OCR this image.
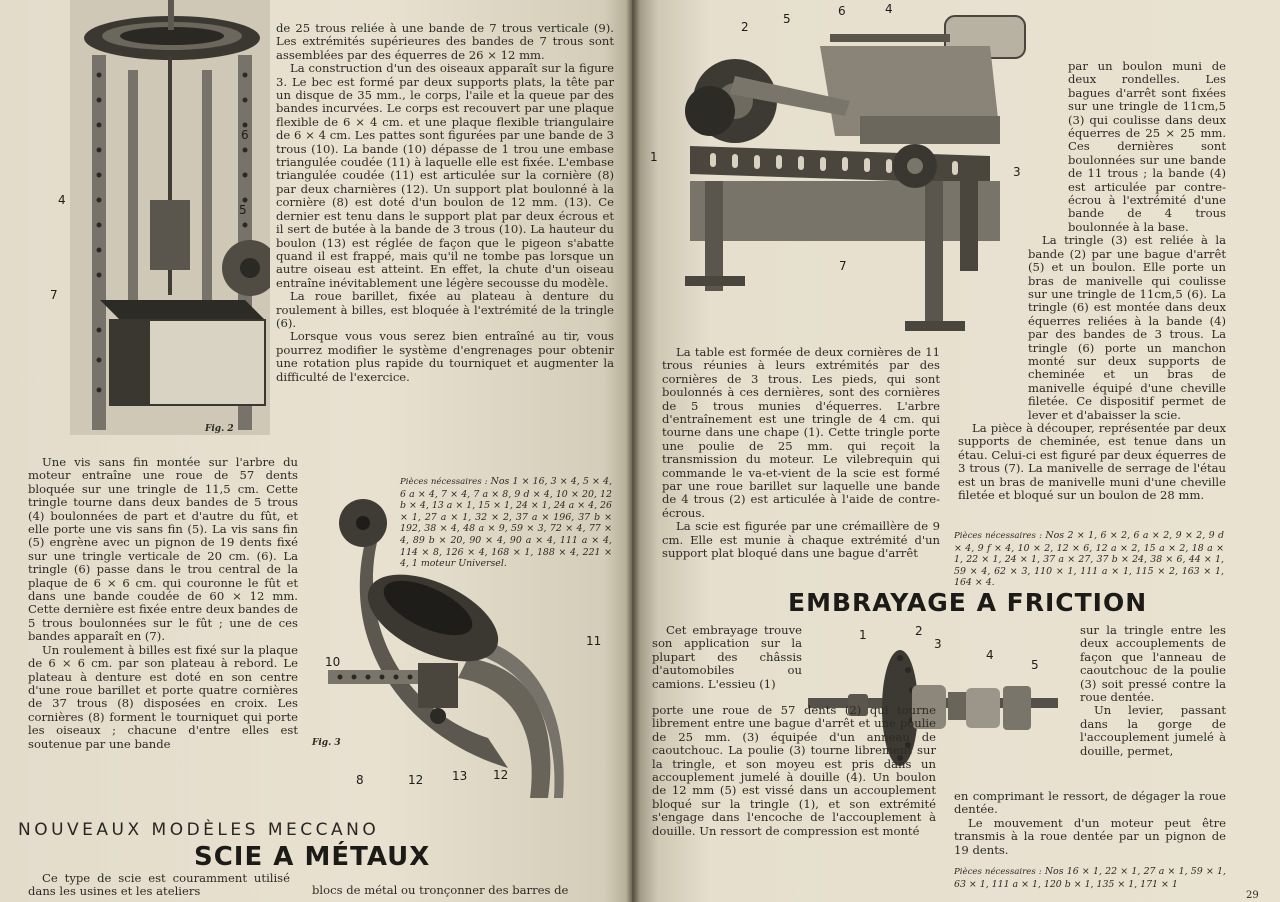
Fig. 2
6
4
5
7

de 25 trous reliée à une bande de 7 trous verticale (9). Les extrémités supérieures des bandes de 7 trous sont assemblées par des équerres de 26 × 12 mm.

La construction d'un des oiseaux apparaît sur la figure 3. Le bec est formé par deux supports plats, la tête par un disque de 35 mm., le corps, l'aile et la queue par des bandes incurvées. Le corps est recouvert par une plaque flexible de 6 × 4 cm. et une plaque flexible triangulaire de 6 × 4 cm. Les pattes sont figurées par une bande de 3 trous (10). La bande (10) dépasse de 1 trou une embase triangulée coudée (11) à laquelle elle est fixée. L'embase triangulée coudée (11) est articulée sur la cornière (8) par deux charnières (12). Un support plat boulonné à la cornière (8) est doté d'un boulon de 12 mm. (13). Ce dernier est tenu dans le support plat par deux écrous et il sert de butée à la bande de 3 trous (10). La hauteur du boulon (13) est réglée de façon que le pigeon s'abatte quand il est frappé, mais qu'il ne tombe pas lorsque un autre oiseau est atteint. En effet, la chute d'un oiseau entraîne inévitablement une légère secousse du modèle.

La roue barillet, fixée au plateau à denture du roulement à billes, est bloquée à l'extrémité de la tringle (6).

Lorsque vous vous serez bien entraîné au tir, vous pourrez modifier le système d'engrenages pour obtenir une rotation plus rapide du tourniquet et augmenter la difficulté de l'exercice.

Une vis sans fin montée sur l'arbre du moteur entraîne une roue de 57 dents bloquée sur une tringle de 11,5 cm. Cette tringle tourne dans deux bandes de 5 trous (4) boulonnées de part et d'autre du fût, et elle porte une vis sans fin (5). La vis sans fin (5) engrène avec un pignon de 19 dents fixé sur une tringle verticale de 20 cm. (6). La tringle (6) passe dans le trou central de la plaque de 6 × 6 cm. qui couronne le fût et dans une bande coudée de 60 × 12 mm. Cette dernière est fixée entre deux bandes de 5 trous boulonnées sur le fût ; une de ces bandes apparaît en (7).

Un roulement à billes est fixé sur la plaque de 6 × 6 cm. par son plateau à rebord. Le plateau à denture est doté en son centre d'une roue barillet et porte quatre cornières de 37 trous (8) disposées en croix. Les cornières (8) forment le tourniquet qui porte les oiseaux ; chacune d'entre elles est soutenue par une bande

Pièces nécessaires : Nos 1 × 16, 3 × 4, 5 × 4, 6 a × 4, 7 × 4, 7 a × 8, 9 d × 4, 10 × 20, 12 b × 4, 13 a × 1, 15 × 1, 24 × 1, 24 a × 4, 26 × 1, 27 a × 1, 32 × 2, 37 a × 196, 37 b × 192, 38 × 4, 48 a × 9, 59 × 3, 72 × 4, 77 × 4, 89 b × 20, 90 × 4, 90 a × 4, 111 a × 4, 114 × 8, 126 × 4, 168 × 1, 188 × 4, 221 × 4, 1 moteur Universel.
Fig. 3
11
10
8	12 13 12
NOUVEAUX MODÈLES MECCANO
SCIE A MÉTAUX

Ce type de scie est couramment utilisé dans les usines et les ateliers	blocs de métal ou tronçonner des barres de

2
5
6	4
1
3
7

par un boulon muni de deux rondelles. Les bagues d'arrêt sont fixées sur une tringle de 11cm,5 (3) qui coulisse dans deux équerres de 25 × 25 mm. Ces dernières sont boulonnées sur une bande de 11 trous ; la bande (4) est articulée par contre-écrou à l'extrémité d'une bande de 4 trous boulonnée à la base.

La tringle (3) est reliée à la bande (2) par une bague d'arrêt (5) et un boulon. Elle porte un bras de manivelle qui coulisse sur une tringle de 11cm,5 (6). La tringle (6) est montée dans deux équerres reliées à la bande (4) par des bandes de 3 trous. La tringle (6) porte un manchon monté sur deux supports de cheminée et un bras de manivelle équipé d'une cheville filetée. Ce dispositif permet de lever et d'abaisser la scie.

La pièce à découper, représentée par deux supports de cheminée, est tenue dans un étau. Celui-ci est figuré par deux équerres de 3 trous (7). La manivelle de serrage de l'étau est un bras de manivelle muni d'une cheville filetée et bloqué sur un boulon de 28 mm.

La table est formée de deux cornières de 11 trous réunies à leurs extrémités par des cornières de 3 trous. Les pieds, qui sont boulonnés à ces dernières, sont des cornières de 5 trous munies d'équerres. L'arbre d'entraînement est une tringle de 4 cm. qui tourne dans une chape (1). Cette tringle porte une poulie de 25 mm. qui reçoit la transmission du moteur. Le vilebrequin qui commande le va-et-vient de la scie est formé par une roue barillet sur laquelle une bande de 4 trous (2) est articulée à l'aide de contre-écrous.

La scie est figurée par une crémaillère de 9 cm. Elle est munie à chaque extrémité d'un support plat bloqué dans une bague d'arrêt

Pièces nécessaires : Nos 2 × 1, 6 × 2, 6 a × 2, 9 × 2, 9 d × 4, 9 f × 4, 10 × 2, 12 × 6, 12 a × 2, 15 a × 2, 18 a × 1, 22 × 1, 24 × 1, 37 a × 27, 37 b × 24, 38 × 6, 44 × 1, 59 × 4, 62 × 3, 110 × 1, 111 a × 1, 115 × 2, 163 × 1, 164 × 4.
EMBRAYAGE A FRICTION
1	2
3
4
5

Cet embrayage trouve son application sur la plupart des châssis d'automobiles ou camions. L'essieu (1)

sur la tringle entre les deux accouplements de façon que l'anneau de caoutchouc de la poulie (3) soit pressé contre la roue dentée.

Un levier, passant dans la gorge de l'accouplement jumelé à douille, permet,

porte une roue de 57 dents (2) qui tourne librement entre une bague d'arrêt et une poulie de 25 mm. (3) équipée d'un anneau de caoutchouc. La poulie (3) tourne librement sur la tringle, et son moyeu est pris dans un accouplement jumelé à douille (4). Un boulon de 12 mm (5) est vissé dans un accouplement bloqué sur la tringle (1), et son extrémité s'engage dans l'encoche de l'accouplement à douille. Un ressort de compression est monté

en comprimant le ressort, de dégager la roue dentée.

Le mouvement d'un moteur peut être transmis à la roue dentée par un pignon de 19 dents.

Pièces nécessaires : Nos 16 × 1, 22 × 1, 27 a × 1, 59 × 1, 63 × 1, 111 a × 1, 120 b × 1, 135 × 1, 171 × 1
29
